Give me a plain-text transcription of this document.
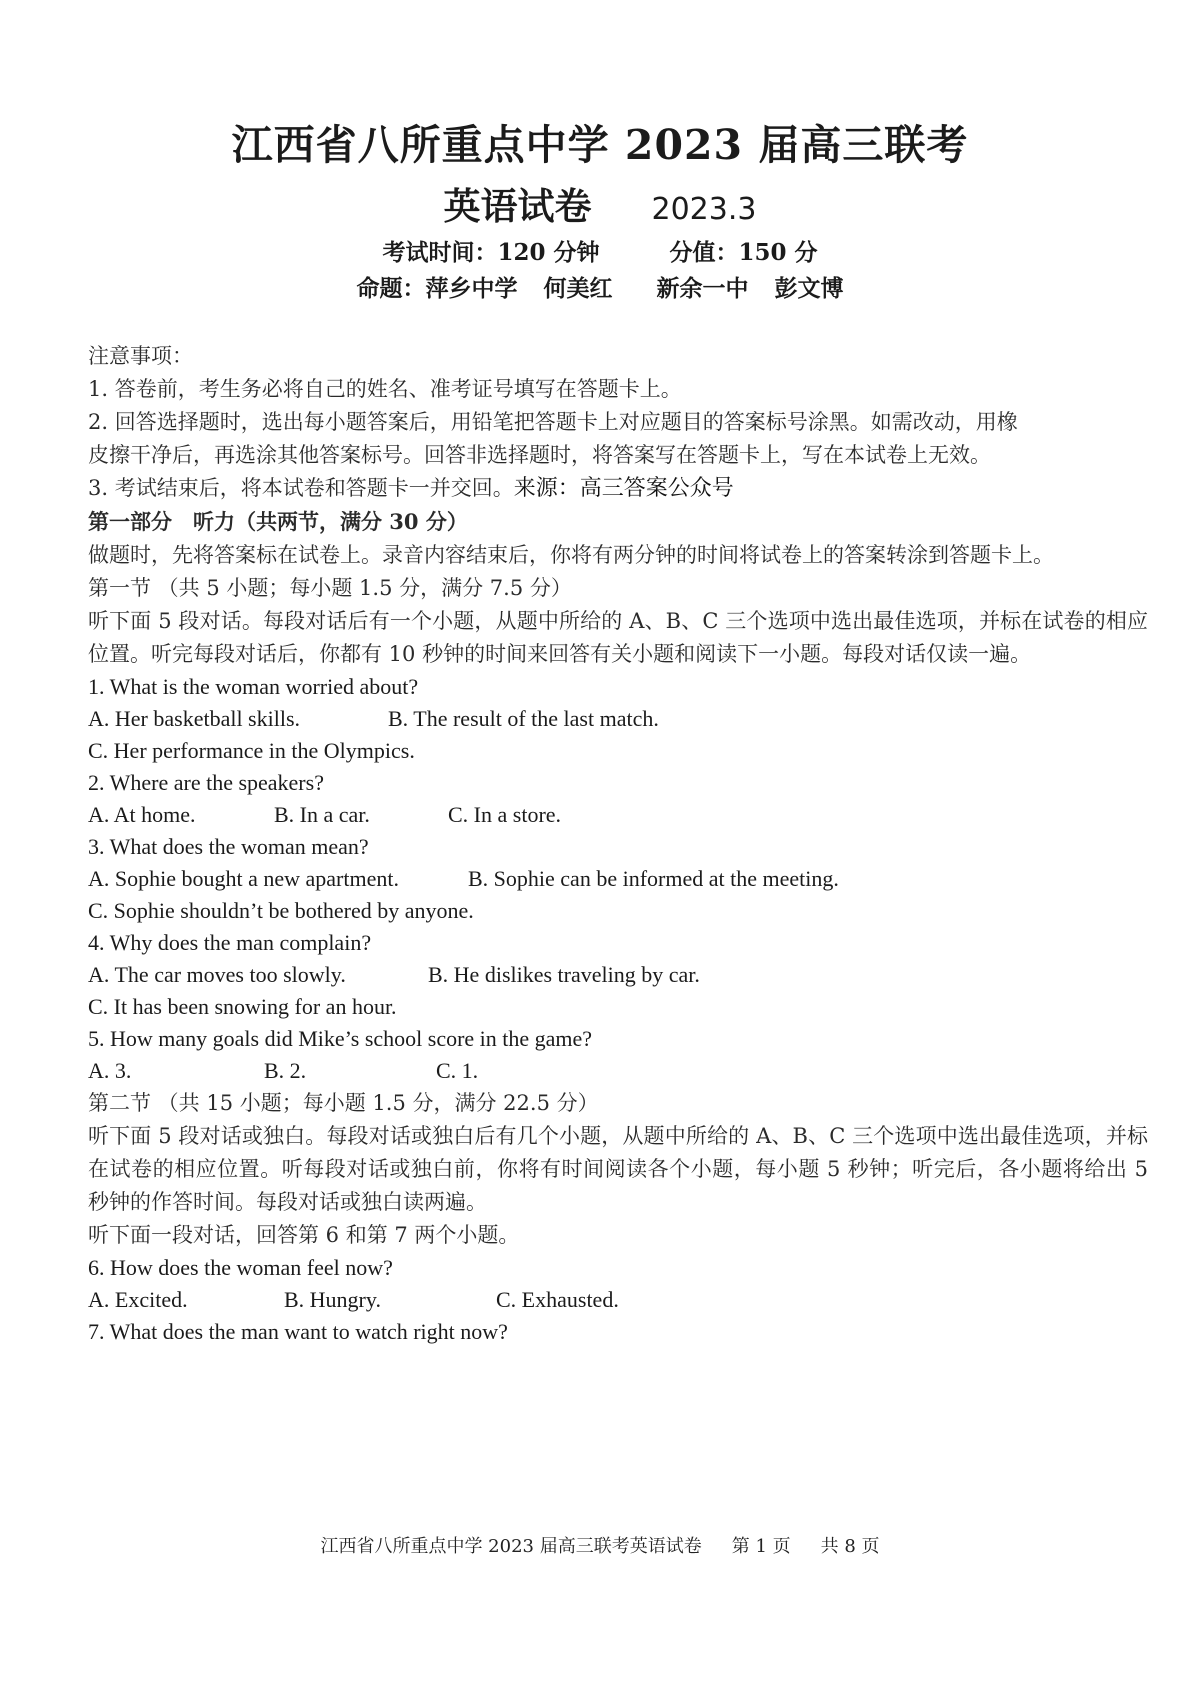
江西省八所重点中学 2023 届高三联考
英语试卷 2023.3
考试时间：120 分钟	分值：150 分
命题：萍乡中学 何美红 新余一中 彭文博

注意事项：

1. 答卷前，考生务必将自己的姓名、准考证号填写在答题卡上。

2. 回答选择题时，选出每小题答案后，用铅笔把答题卡上对应题目的答案标号涂黑。如需改动，用橡

皮擦干净后，再选涂其他答案标号。回答非选择题时，将答案写在答题卡上，写在本试卷上无效。

3. 考试结束后，将本试卷和答题卡一并交回。来源：高三答案公众号

第一部分　听力（共两节，满分 30 分）

做题时，先将答案标在试卷上。录音内容结束后，你将有两分钟的时间将试卷上的答案转涂到答题卡上。

第一节 （共 5 小题；每小题 1.5 分，满分 7.5 分）

听下面 5 段对话。每段对话后有一个小题，从题中所给的 A、B、C 三个选项中选出最佳选项，并标在试卷的相应位置。听完每段对话后，你都有 10 秒钟的时间来回答有关小题和阅读下一小题。每段对话仅读一遍。

1. What is the woman worried about?

A. Her basketball skills.	B. The result of the last match.

C. Her performance in the Olympics.

2. Where are the speakers?

A. At home.	B. In a car.	C. In a store.

3. What does the woman mean?

A. Sophie bought a new apartment.	B. Sophie can be informed at the meeting.

C. Sophie shouldn’t be bothered by anyone.

4. Why does the man complain?

A. The car moves too slowly.	B. He dislikes traveling by car.

C. It has been snowing for an hour.

5. How many goals did Mike’s school score in the game?

A. 3.	B. 2.	C. 1.

第二节 （共 15 小题；每小题 1.5 分，满分 22.5 分）

听下面 5 段对话或独白。每段对话或独白后有几个小题，从题中所给的 A、B、C 三个选项中选出最佳选项，并标在试卷的相应位置。听每段对话或独白前，你将有时间阅读各个小题，每小题 5 秒钟；听完后，各小题将给出 5 秒钟的作答时间。每段对话或独白读两遍。

听下面一段对话，回答第 6 和第 7 两个小题。

6. How does the woman feel now?

A. Excited.	B. Hungry.	C. Exhausted.

7. What does the man want to watch right now?

江西省八所重点中学 2023 届高三联考英语试卷 第 1 页 共 8 页
